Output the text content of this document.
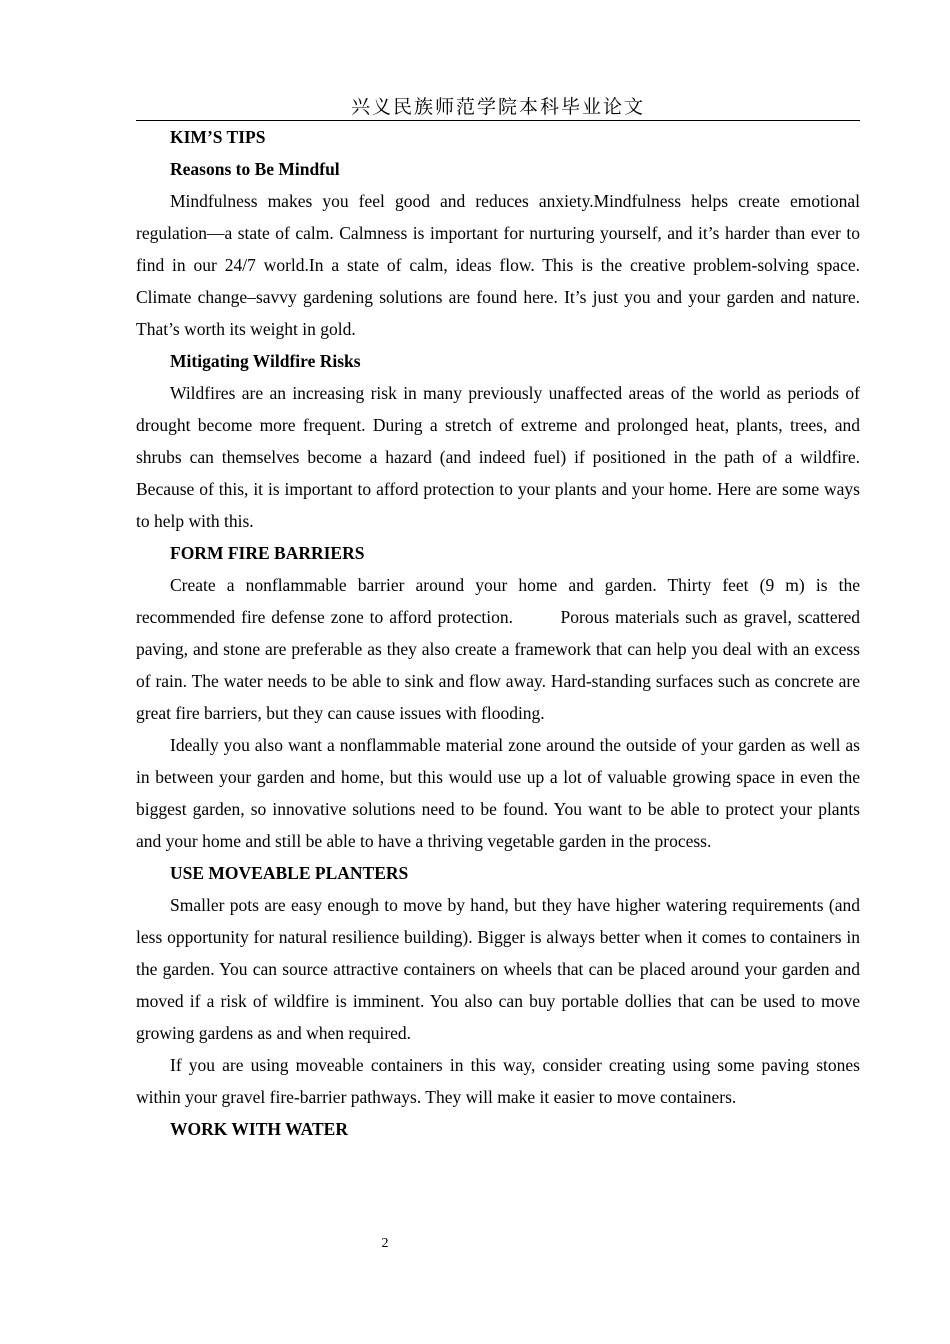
兴义民族师范学院本科毕业论文

KIM’S TIPS

Reasons to Be Mindful

Mindfulness makes you feel good and reduces anxiety.Mindfulness helps create emotional regulation—a state of calm. Calmness is important for nurturing yourself, and it’s harder than ever to find in our 24/7 world.In a state of calm, ideas flow. This is the creative problem-solving space. Climate change–savvy gardening solutions are found here. It’s just you and your garden and nature. That’s worth its weight in gold.

Mitigating Wildfire Risks

Wildfires are an increasing risk in many previously unaffected areas of the world as periods of drought become more frequent. During a stretch of extreme and prolonged heat, plants, trees, and shrubs can themselves become a hazard (and indeed fuel) if positioned in the path of a wildfire. Because of this, it is important to afford protection to your plants and your home. Here are some ways to help with this.

FORM FIRE BARRIERS

Create a nonflammable barrier around your home and garden. Thirty feet (9 m) is the recommended fire defense zone to afford protection.        Porous materials such as gravel, scattered paving, and stone are preferable as they also create a framework that can help you deal with an excess of rain. The water needs to be able to sink and flow away. Hard-standing surfaces such as concrete are great fire barriers, but they can cause issues with flooding.

Ideally you also want a nonflammable material zone around the outside of your garden as well as in between your garden and home, but this would use up a lot of valuable growing space in even the biggest garden, so innovative solutions need to be found. You want to be able to protect your plants and your home and still be able to have a thriving vegetable garden in the process.

USE MOVEABLE PLANTERS

Smaller pots are easy enough to move by hand, but they have higher watering requirements (and less opportunity for natural resilience building). Bigger is always better when it comes to containers in the garden. You can source attractive containers on wheels that can be placed around your garden and moved if a risk of wildfire is imminent. You also can buy portable dollies that can be used to move growing gardens as and when required.

If you are using moveable containers in this way, consider creating using some paving stones within your gravel fire-barrier pathways. They will make it easier to move containers.

WORK WITH WATER

2
